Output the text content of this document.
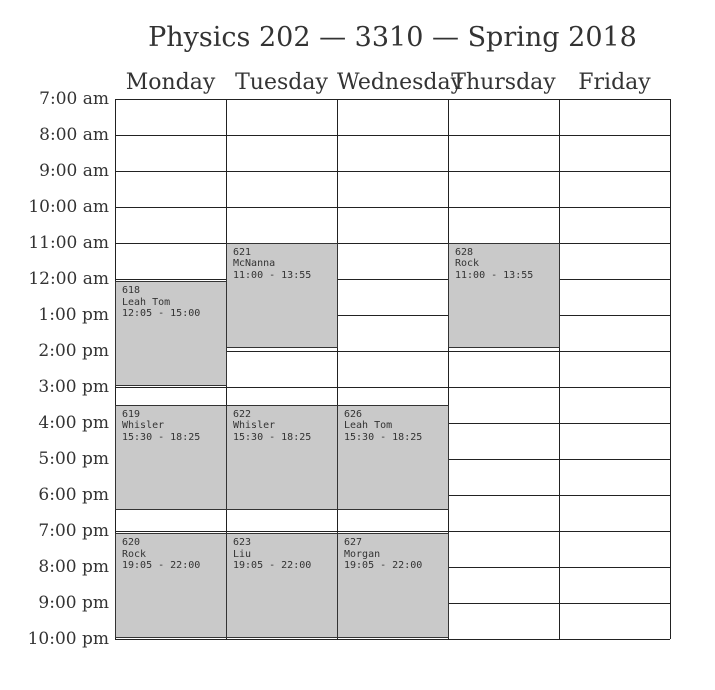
Physics 202 — 3310 — Spring 2018
Monday Tuesday Wednesday
Thursday	Friday
7:00 am
8:00 am
9:00 am
10:00 am
11:00 am
12:00 am
1:00 pm
2:00 pm
3:00 pm
4:00 pm
5:00 pm
6:00 pm
7:00 pm
8:00 pm
9:00 pm
10:00 pm
618
Leah Tom
12:05 - 15:00
619
Whisler
15:30 - 18:25
620
Rock
19:05 - 22:00
621
McNanna
11:00 - 13:55
622
Whisler
15:30 - 18:25
623
Liu
19:05 - 22:00
626
Leah Tom
15:30 - 18:25
627
Morgan
19:05 - 22:00
628
Rock
11:00 - 13:55
